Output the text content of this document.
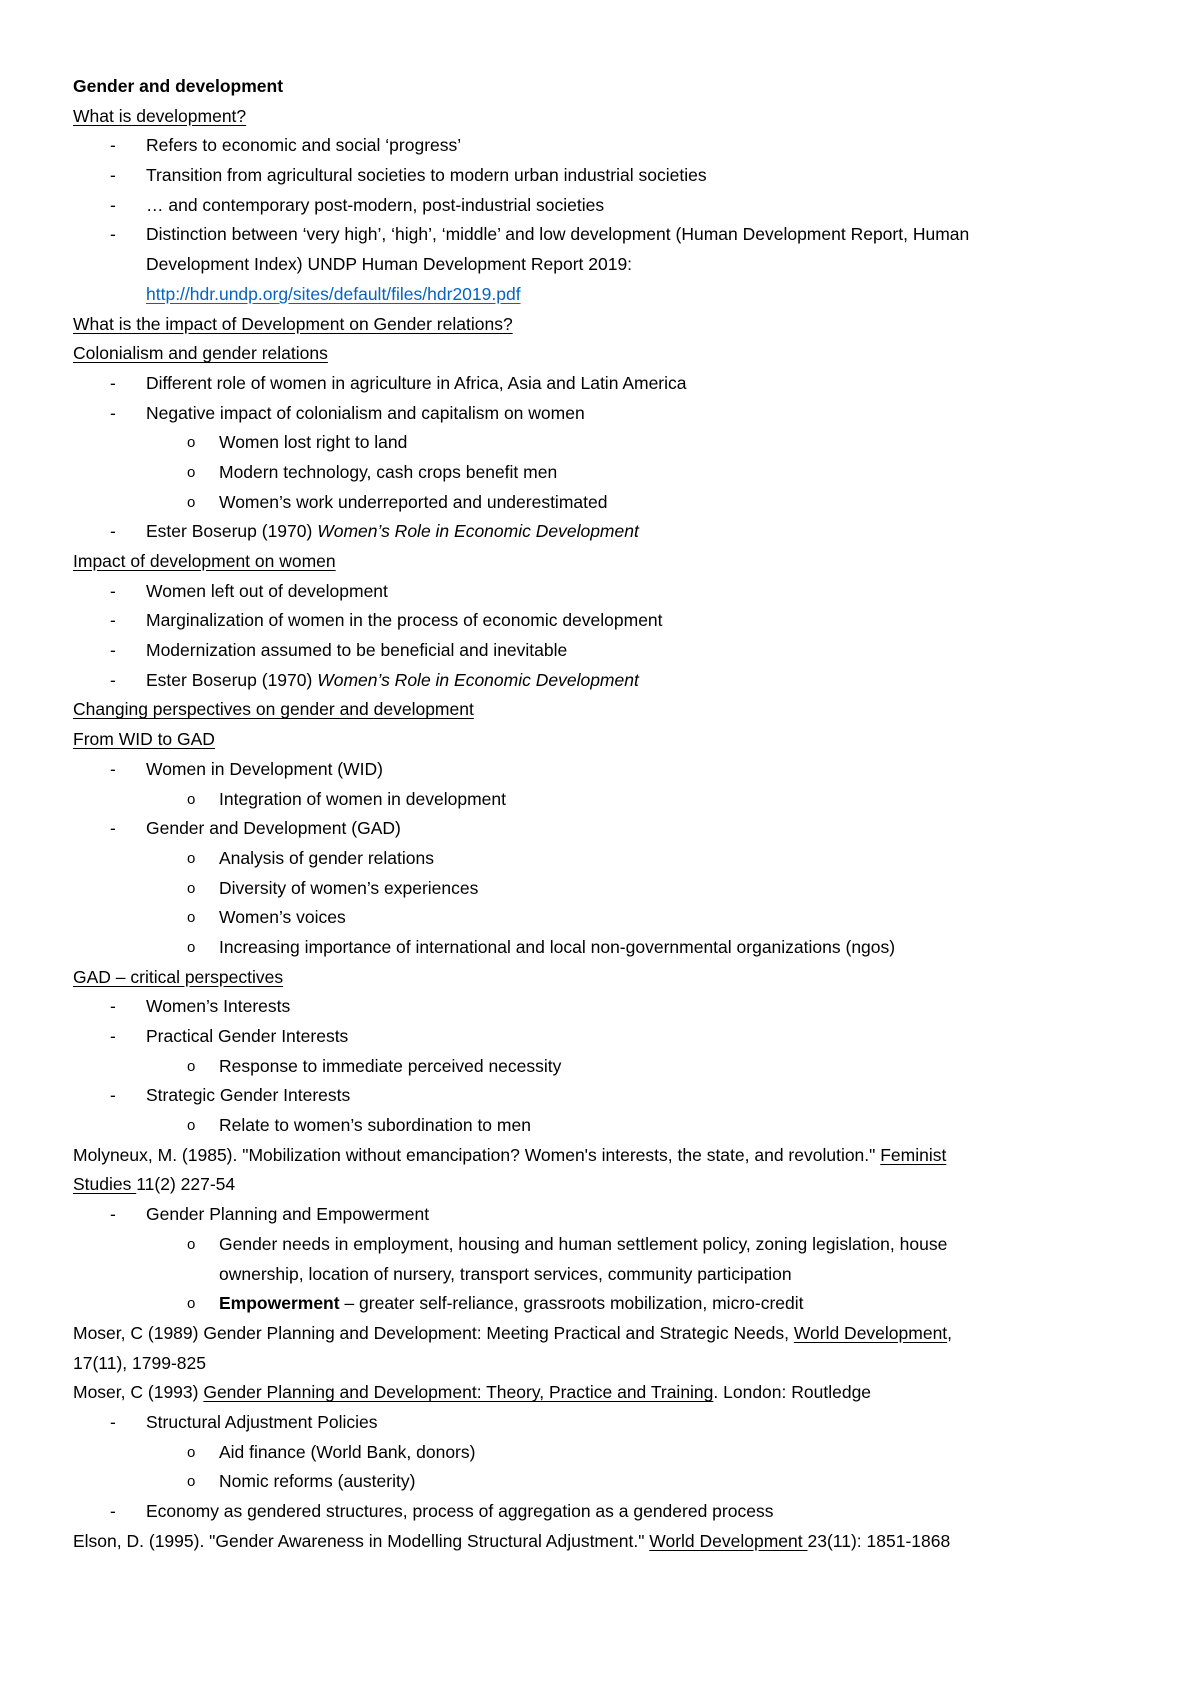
Gender and development
What is development?
- Refers to economic and social ‘progress’
- Transition from agricultural societies to modern urban industrial societies
- … and contemporary post-modern, post-industrial societies
- Distinction between ‘very high’, ‘high’, ‘middle’ and low development (Human Development Report, Human
Development Index) UNDP Human Development Report 2019:
http://hdr.undp.org/sites/default/files/hdr2019.pdf
What is the impact of Development on Gender relations?
Colonialism and gender relations
- Different role of women in agriculture in Africa, Asia and Latin America
- Negative impact of colonialism and capitalism on women
o Women lost right to land
o Modern technology, cash crops benefit men
o Women’s work underreported and underestimated
- Ester Boserup (1970) Women’s Role in Economic Development
Impact of development on women
- Women left out of development
- Marginalization of women in the process of economic development
- Modernization assumed to be beneficial and inevitable
- Ester Boserup (1970) Women’s Role in Economic Development
Changing perspectives on gender and development
From WID to GAD
- Women in Development (WID)
o Integration of women in development
- Gender and Development (GAD)
o Analysis of gender relations
o Diversity of women’s experiences
o Women’s voices
o Increasing importance of international and local non-governmental organizations (ngos)
GAD – critical perspectives
- Women’s Interests
- Practical Gender Interests
o Response to immediate perceived necessity
- Strategic Gender Interests
o Relate to women’s subordination to men
Molyneux, M. (1985). "Mobilization without emancipation? Women's interests, the state, and revolution." Feminist
Studies 11(2) 227-54
- Gender Planning and Empowerment
o Gender needs in employment, housing and human settlement policy, zoning legislation, house
ownership, location of nursery, transport services, community participation
o Empowerment – greater self-reliance, grassroots mobilization, micro-credit
Moser, C (1989) Gender Planning and Development: Meeting Practical and Strategic Needs, World Development,
17(11), 1799-825
Moser, C (1993) Gender Planning and Development: Theory, Practice and Training. London: Routledge
- Structural Adjustment Policies
o Aid finance (World Bank, donors)
o Nomic reforms (austerity)
- Economy as gendered structures, process of aggregation as a gendered process
Elson, D. (1995). "Gender Awareness in Modelling Structural Adjustment." World Development 23(11): 1851-1868
